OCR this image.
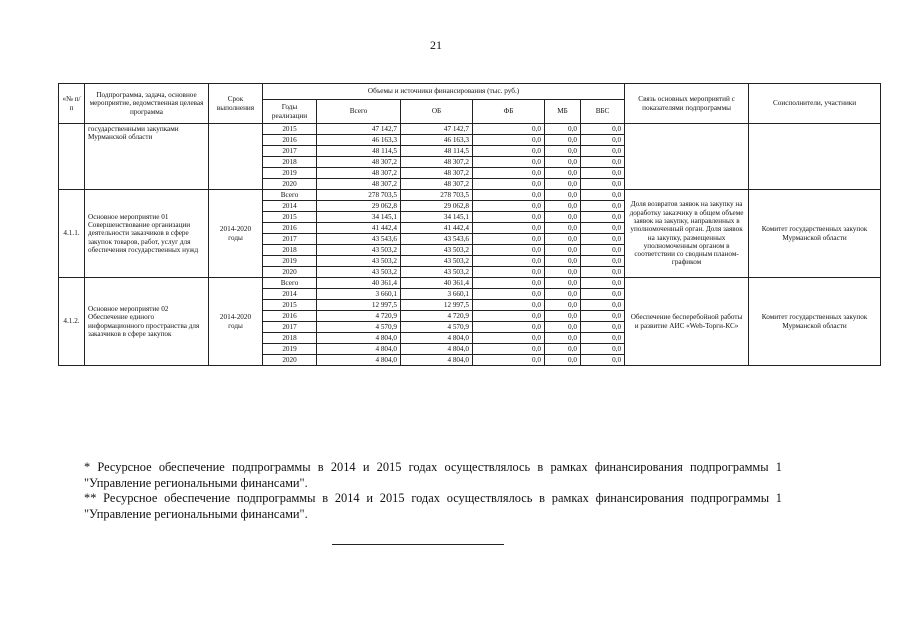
21
«№ п/п	Подпрограмма, задача, основное мероприятие, ведомственная целевая программа	Срок выполнения	Объемы и источники финансирования (тыс. руб.)						Связь основных мероприятий с показателями подпрограммы	Соисполнители, участники
			Годы реализации	Всего	ОБ	ФБ	МБ	ВБС		
	государственными закупками Мурманской области		2015	47 142,7	47 142,7	0,0	0,0	0,0		
			2016	46 163,3	46 163,3	0,0	0,0	0,0		
			2017	48 114,5	48 114,5	0,0	0,0	0,0		
			2018	48 307,2	48 307,2	0,0	0,0	0,0		
			2019	48 307,2	48 307,2	0,0	0,0	0,0		
			2020	48 307,2	48 307,2	0,0	0,0	0,0		
4.1.1.	Основное мероприятие 01 Совершенствование организации деятельности заказчиков в сфере закупок товаров, работ, услуг для обеспечения государственных нужд	2014-2020 годы	Всего	278 703,5	278 703,5	0,0	0,0	0,0	Доля возвратов заявок на закупку на доработку заказчику в общем объеме заявок на закупку, направленных в уполномоченный орган. Доля заявок на закупку, размещенных уполномоченным органом в соответствии со сводным планом-графиком	Комитет государственных закупок Мурманской области
			2014	29 062,8	29 062,8	0,0	0,0	0,0		
			2015	34 145,1	34 145,1	0,0	0,0	0,0		
			2016	41 442,4	41 442,4	0,0	0,0	0,0		
			2017	43 543,6	43 543,6	0,0	0,0	0,0		
			2018	43 503,2	43 503,2	0,0	0,0	0,0		
			2019	43 503,2	43 503,2	0,0	0,0	0,0		
			2020	43 503,2	43 503,2	0,0	0,0	0,0		
4.1.2.	Основное мероприятие 02 Обеспечение единого информационного пространства для заказчиков в сфере закупок	2014-2020 годы	Всего	40 361,4	40 361,4	0,0	0,0	0,0	Обеспечение бесперебойной работы и развитие АИС «Web-Торги-КС»	Комитет государственных закупок Мурманской области
			2014	3 660,1	3 660,1	0,0	0,0	0,0		
			2015	12 997,5	12 997,5	0,0	0,0	0,0		
			2016	4 720,9	4 720,9	0,0	0,0	0,0		
			2017	4 570,9	4 570,9	0,0	0,0	0,0		
			2018	4 804,0	4 804,0	0,0	0,0	0,0		
			2019	4 804,0	4 804,0	0,0	0,0	0,0		
			2020	4 804,0	4 804,0	0,0	0,0	0,0		

* Ресурсное обеспечение подпрограммы в 2014 и 2015 годах осуществлялось в рамках финансирования подпрограммы 1 "Управление региональными финансами".

** Ресурсное обеспечение подпрограммы в 2014 и 2015 годах осуществлялось в рамках финансирования подпрограммы 1 "Управление региональными финансами".
